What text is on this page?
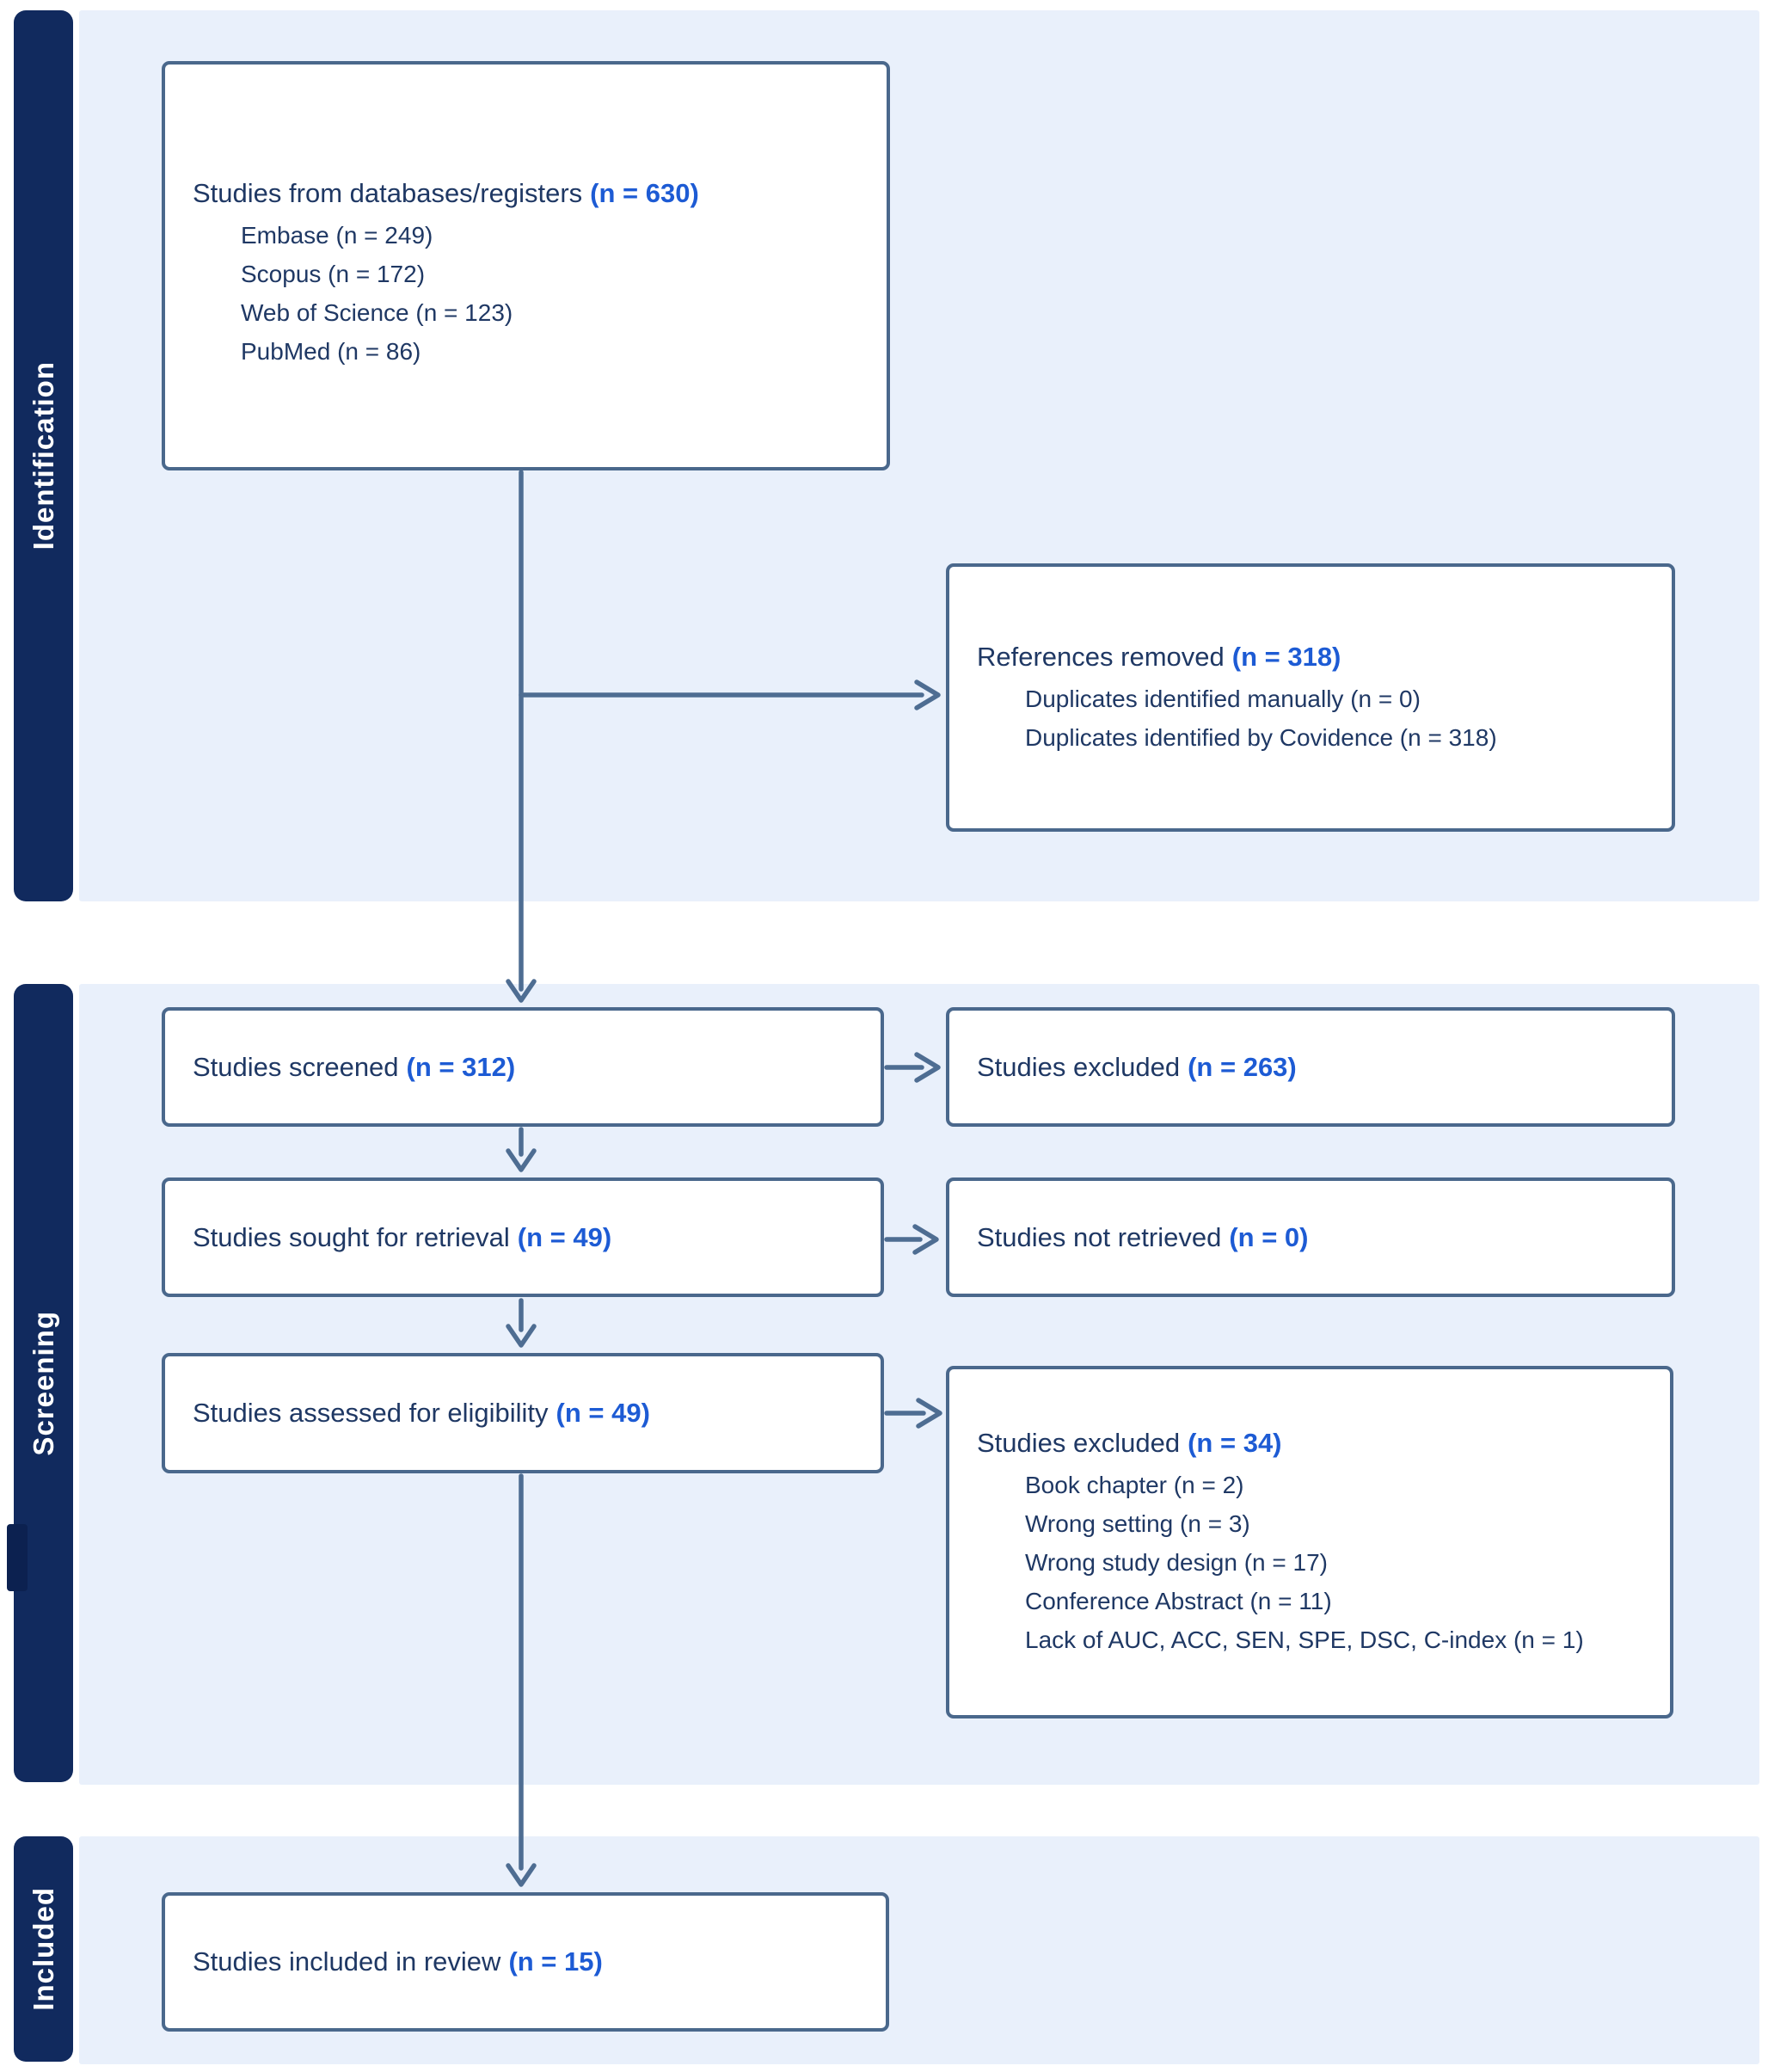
Identification
Screening
Included
Studies from databases/registers (n = 630)
Embase (n = 249)
Scopus (n = 172)
Web of Science (n = 123)
PubMed (n = 86)
References removed (n = 318)
Duplicates identified manually (n = 0)
Duplicates identified by Covidence (n = 318)
Studies screened (n = 312)	Studies excluded (n = 263)
Studies sought for retrieval (n = 49)	Studies not retrieved (n = 0)
Studies assessed for eligibility (n = 49)
Studies excluded (n = 34)
Book chapter (n = 2)
Wrong setting (n = 3)
Wrong study design (n = 17)
Conference Abstract (n = 11)
Lack of AUC, ACC, SEN, SPE, DSC, C-index (n = 1)
Studies included in review (n = 15)
